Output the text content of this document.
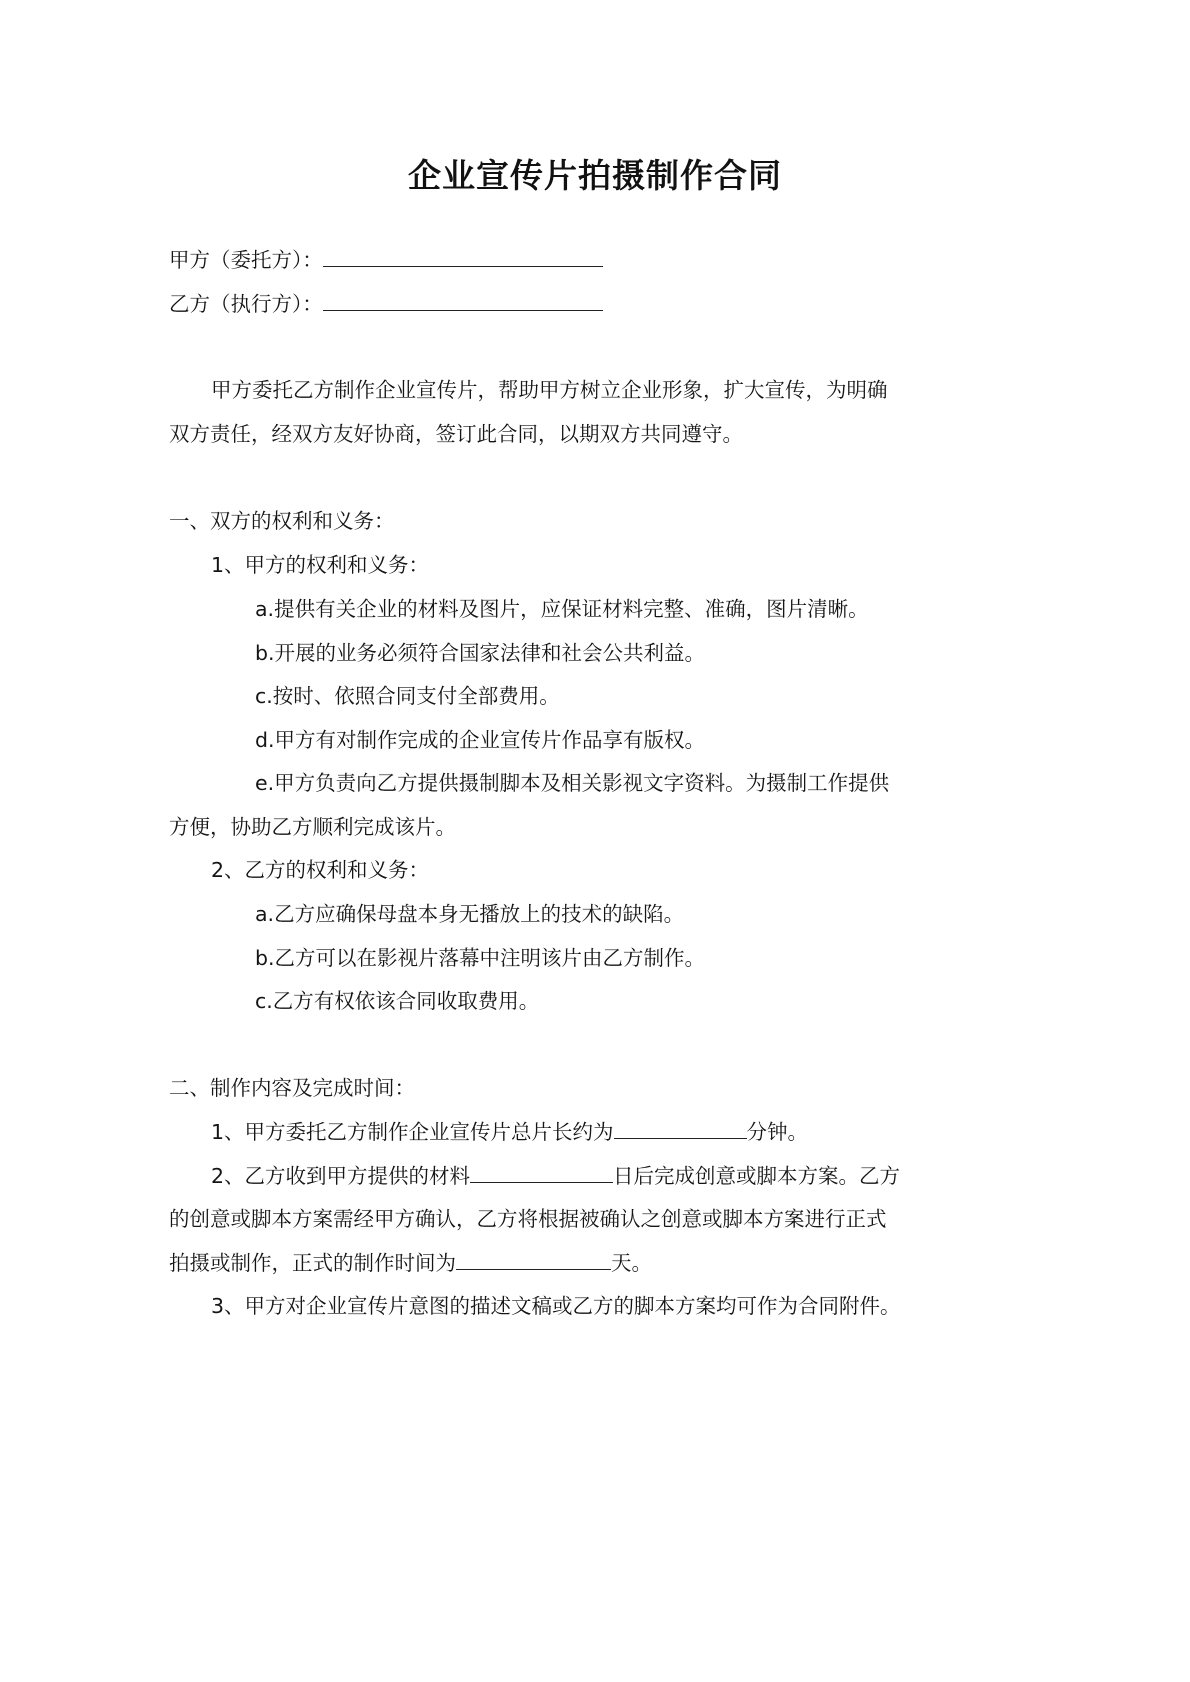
企业宣传片拍摄制作合同
甲方（委托方）：
乙方（执行方）：
甲方委托乙方制作企业宣传片，帮助甲方树立企业形象，扩大宣传，为明确
双方责任，经双方友好协商，签订此合同，以期双方共同遵守。
一、双方的权利和义务：
1、甲方的权利和义务：
a.提供有关企业的材料及图片，应保证材料完整、准确，图片清晰。
b.开展的业务必须符合国家法律和社会公共利益。
c.按时、依照合同支付全部费用。
d.甲方有对制作完成的企业宣传片作品享有版权。
e.甲方负责向乙方提供摄制脚本及相关影视文字资料。为摄制工作提供
方便，协助乙方顺利完成该片。
2、乙方的权利和义务：
a.乙方应确保母盘本身无播放上的技术的缺陷。
b.乙方可以在影视片落幕中注明该片由乙方制作。
c.乙方有权依该合同收取费用。
二、制作内容及完成时间：
1、甲方委托乙方制作企业宣传片总片长约为	分钟。
2、乙方收到甲方提供的材料	日后完成创意或脚本方案。乙方
的创意或脚本方案需经甲方确认，乙方将根据被确认之创意或脚本方案进行正式
拍摄或制作，正式的制作时间为	天。
3、甲方对企业宣传片意图的描述文稿或乙方的脚本方案均可作为合同附件。
